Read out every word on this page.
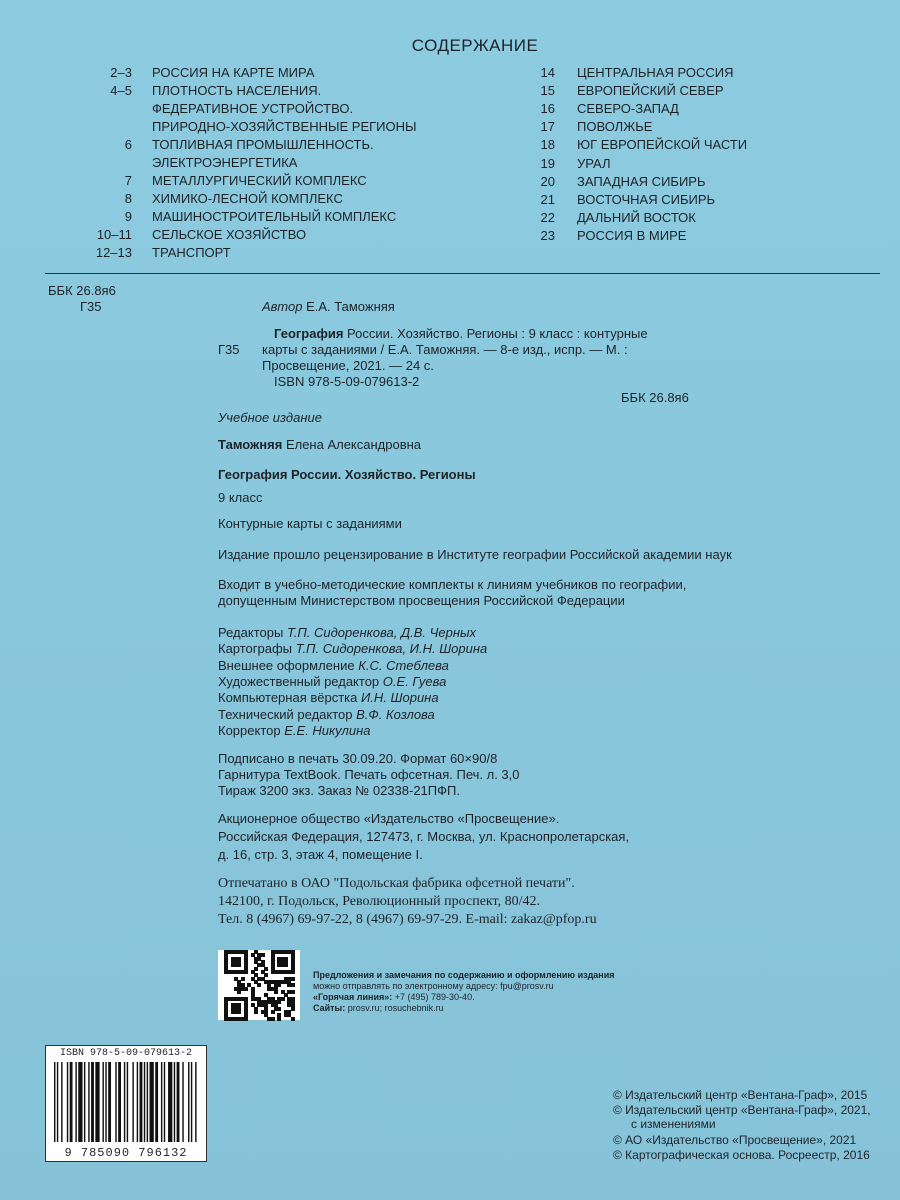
СОДЕРЖАНИЕ
2–3 РОССИЯ НА КАРТЕ МИРА
4–5 ПЛОТНОСТЬ НАСЕЛЕНИЯ.
ФЕДЕРАТИВНОЕ УСТРОЙСТВО.
ПРИРОДНО-ХОЗЯЙСТВЕННЫЕ РЕГИОНЫ
6 ТОПЛИВНАЯ ПРОМЫШЛЕННОСТЬ.
ЭЛЕКТРОЭНЕРГЕТИКА
7 МЕТАЛЛУРГИЧЕСКИЙ КОМПЛЕКС
8 ХИМИКО-ЛЕСНОЙ КОМПЛЕКС
9 МАШИНОСТРОИТЕЛЬНЫЙ КОМПЛЕКС
10–11 СЕЛЬСКОЕ ХОЗЯЙСТВО
12–13 ТРАНСПОРТ
14 ЦЕНТРАЛЬНАЯ РОССИЯ
15 ЕВРОПЕЙСКИЙ СЕВЕР
16 СЕВЕРО-ЗАПАД
17 ПОВОЛЖЬЕ
18 ЮГ ЕВРОПЕЙСКОЙ ЧАСТИ
19 УРАЛ
20 ЗАПАДНАЯ СИБИРЬ
21 ВОСТОЧНАЯ СИБИРЬ
22 ДАЛЬНИЙ ВОСТОК
23 РОССИЯ В МИРЕ
ББК 26.8я6
Г35	Автор Е.А. Таможняя
Г35
География России. Хозяйство. Регионы : 9 класс : контурные
карты с заданиями / Е.А. Таможняя. — 8-е изд., испр. — М. :
Просвещение, 2021. — 24 с.
ISBN 978-5-09-079613-2
ББК 26.8я6
Учебное издание
Таможняя Елена Александровна
География России. Хозяйство. Регионы
9 класс
Контурные карты с заданиями
Издание прошло рецензирование в Институте географии Российской академии наук
Входит в учебно-методические комплекты к линиям учебников по географии,
допущенным Министерством просвещения Российской Федерации
Редакторы Т.П. Сидоренкова, Д.В. Черных
Картографы Т.П. Сидоренкова, И.Н. Шорина
Внешнее оформление К.С. Стеблева
Художественный редактор О.Е. Гуева
Компьютерная вёрстка И.Н. Шорина
Технический редактор В.Ф. Козлова
Корректор Е.Е. Никулина
Подписано в печать 30.09.20. Формат 60×90/8
Гарнитура TextBook. Печать офсетная. Печ. л. 3,0
Тираж 3200 экз. Заказ № 02338-21ПФП.
Акционерное общество «Издательство «Просвещение».
Российская Федерация, 127473, г. Москва, ул. Краснопролетарская,
д. 16, стр. 3, этаж 4, помещение I.
Отпечатано в ОАО "Подольская фабрика офсетной печати".
142100, г. Подольск, Революционный проспект, 80/42.
Тел. 8 (4967) 69-97-22, 8 (4967) 69-97-29. E-mail: zakaz@pfop.ru
Предложения и замечания по содержанию и оформлению издания
можно отправлять по электронному адресу: fpu@prosv.ru
«Горячая линия»: +7 (495) 789-30-40.
Сайты: prosv.ru; rosuchebnik.ru
ISBN 978-5-09-079613-2
9 785090 796132
© Издательский центр «Вентана-Граф», 2015
© Издательский центр «Вентана-Граф», 2021,
с изменениями
© АО «Издательство «Просвещение», 2021
© Картографическая основа. Росреестр, 2016
